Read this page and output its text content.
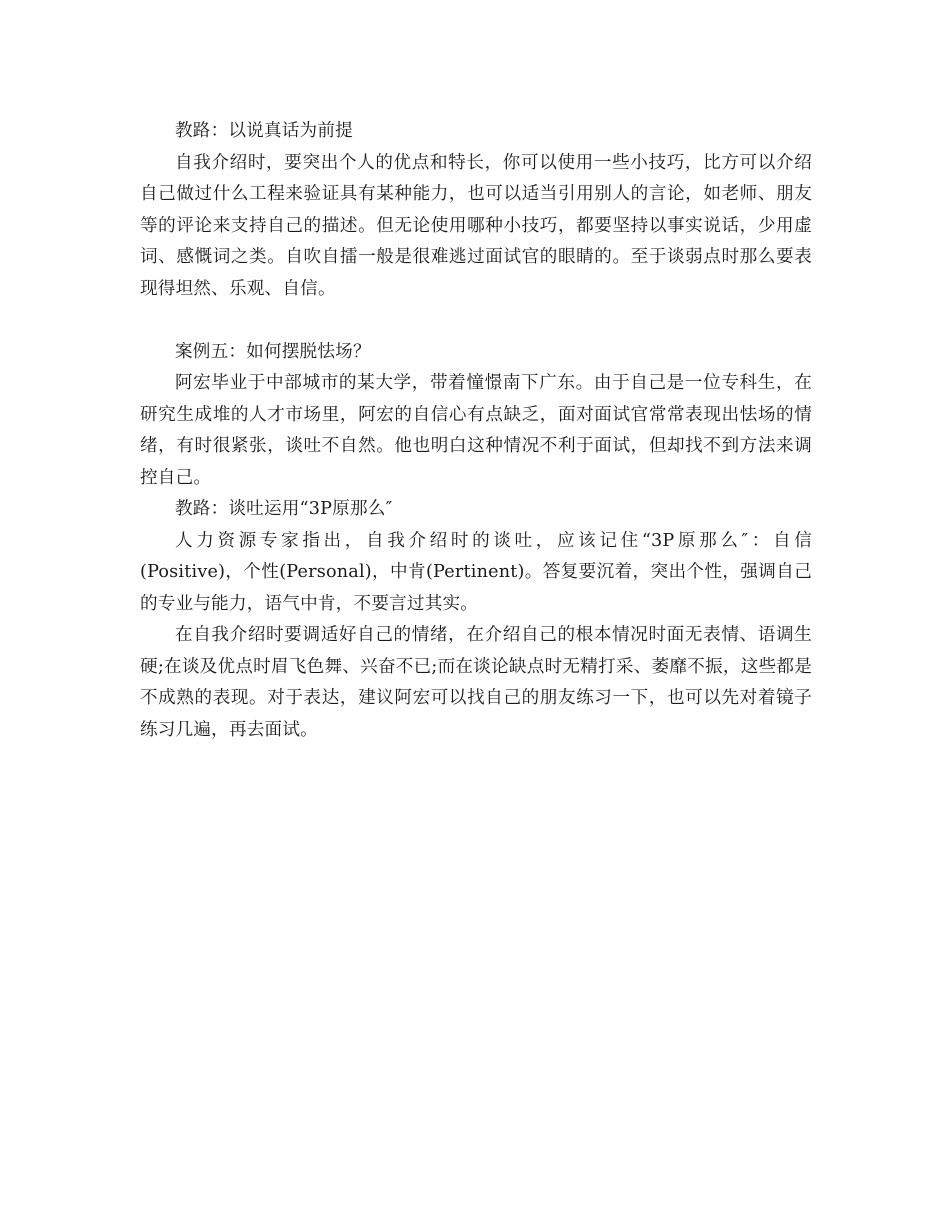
教路：以说真话为前提

自我介绍时，要突出个人的优点和特长，你可以使用一些小技巧，比方可以介绍自己做过什么工程来验证具有某种能力，也可以适当引用别人的言论，如老师、朋友等的评论来支持自己的描述。但无论使用哪种小技巧，都要坚持以事实说话，少用虚词、感慨词之类。自吹自擂一般是很难逃过面试官的眼睛的。至于谈弱点时那么要表现得坦然、乐观、自信。

案例五：如何摆脱怯场？

阿宏毕业于中部城市的某大学，带着憧憬南下广东。由于自己是一位专科生，在研究生成堆的人才市场里，阿宏的自信心有点缺乏，面对面试官常常表现出怯场的情绪，有时很紧张，谈吐不自然。他也明白这种情况不利于面试，但却找不到方法来调控自己。

教路：谈吐运用“3P原那么″

人力资源专家指出，自我介绍时的谈吐，应该记住“3P原那么″：自信(Positive)，个性(Personal)，中肯(Pertinent)。答复要沉着，突出个性，强调自己的专业与能力，语气中肯，不要言过其实。

在自我介绍时要调适好自己的情绪，在介绍自己的根本情况时面无表情、语调生硬;在谈及优点时眉飞色舞、兴奋不已;而在谈论缺点时无精打采、萎靡不振，这些都是不成熟的表现。对于表达，建议阿宏可以找自己的朋友练习一下，也可以先对着镜子练习几遍，再去面试。
